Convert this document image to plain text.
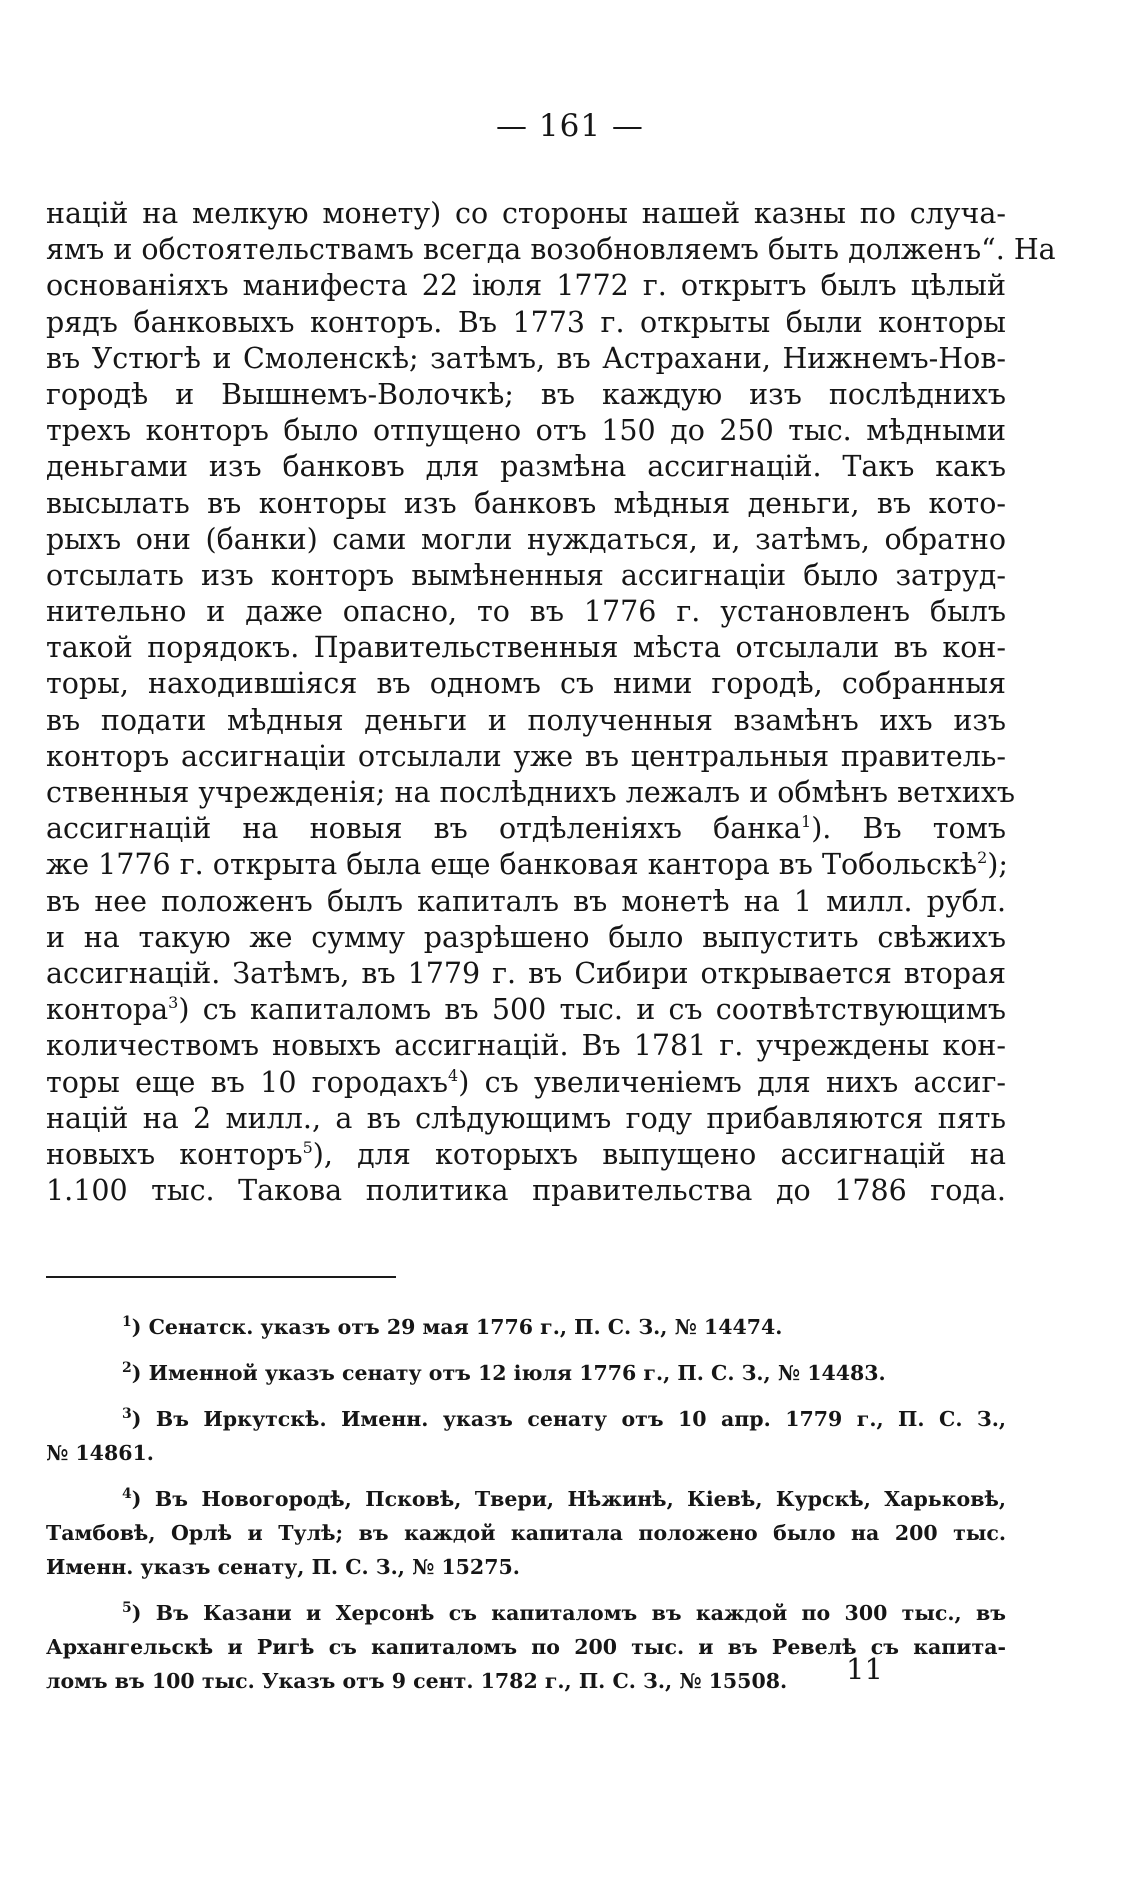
— 161 —
націй на мелкую монету) со стороны нашей казны по случа-
ямъ и обстоятельствамъ всегда возобновляемъ быть долженъ“. На
основаніяхъ манифеста 22 іюля 1772 г. открытъ былъ цѣлый
рядъ банковыхъ конторъ. Въ 1773 г. открыты были конторы
въ Устюгѣ и Смоленскѣ; затѣмъ, въ Астрахани, Нижнемъ-Нов-
городѣ и Вышнемъ-Волочкѣ; въ каждую изъ послѣднихъ
трехъ конторъ было отпущено отъ 150 до 250 тыс. мѣдными
деньгами изъ банковъ для размѣна ассигнацій. Такъ какъ
высылать въ конторы изъ банковъ мѣдныя деньги, въ кото-
рыхъ они (банки) сами могли нуждаться, и, затѣмъ, обратно
отсылать изъ конторъ вымѣненныя ассигнаціи было затруд-
нительно и даже опасно, то въ 1776 г. установленъ былъ
такой порядокъ. Правительственныя мѣста отсылали въ кон-
торы, находившіяся въ одномъ съ ними городѣ, собранныя
въ подати мѣдныя деньги и полученныя взамѣнъ ихъ изъ
конторъ ассигнаціи отсылали уже въ центральныя правитель-
ственныя учрежденія; на послѣднихъ лежалъ и обмѣнъ ветхихъ
ассигнацій на новыя въ отдѣленіяхъ банка$^1$). Въ томъ
же 1776 г. открыта была еще банковая кантора въ Тобольскѣ$^2$);
въ нее положенъ былъ капиталъ въ монетѣ на 1 милл. рубл.
и на такую же сумму разрѣшено было выпустить свѣжихъ
ассигнацій. Затѣмъ, въ 1779 г. въ Сибири открывается вторая
контора$^3$) съ капиталомъ въ 500 тыс. и съ соотвѣтствующимъ
количествомъ новыхъ ассигнацій. Въ 1781 г. учреждены кон-
торы еще въ 10 городахъ$^4$) съ увеличеніемъ для нихъ ассиг-
націй на 2 милл., а въ слѣдующимъ году прибавляются пять
новыхъ конторъ$^5$), для которыхъ выпущено ассигнацій на
1.100 тыс. Такова политика правительства до 1786 года.
$^1$) Сенатск. указъ отъ 29 мая 1776 г., П. С. З., № 14474.
$^2$) Именной указъ сенату отъ 12 іюля 1776 г., П. С. З., № 14483.
$^3$) Въ Иркутскѣ. Именн. указъ сенату отъ 10 апр. 1779 г., П. С. З.,
№ 14861.
$^4$) Въ Новогородѣ, Псковѣ, Твери, Нѣжинѣ, Кіевѣ, Курскѣ, Харьковѣ,
Тамбовѣ, Орлѣ и Тулѣ; въ каждой капитала положено было на 200 тыс.
Именн. указъ сенату, П. С. З., № 15275.
$^5$) Въ Казани и Херсонѣ съ капиталомъ въ каждой по 300 тыс., въ
Архангельскѣ и Ригѣ съ капиталомъ по 200 тыс. и въ Ревелѣ съ капита-
ломъ въ 100 тыс. Указъ отъ 9 сент. 1782 г., П. С. З., № 15508.	11
